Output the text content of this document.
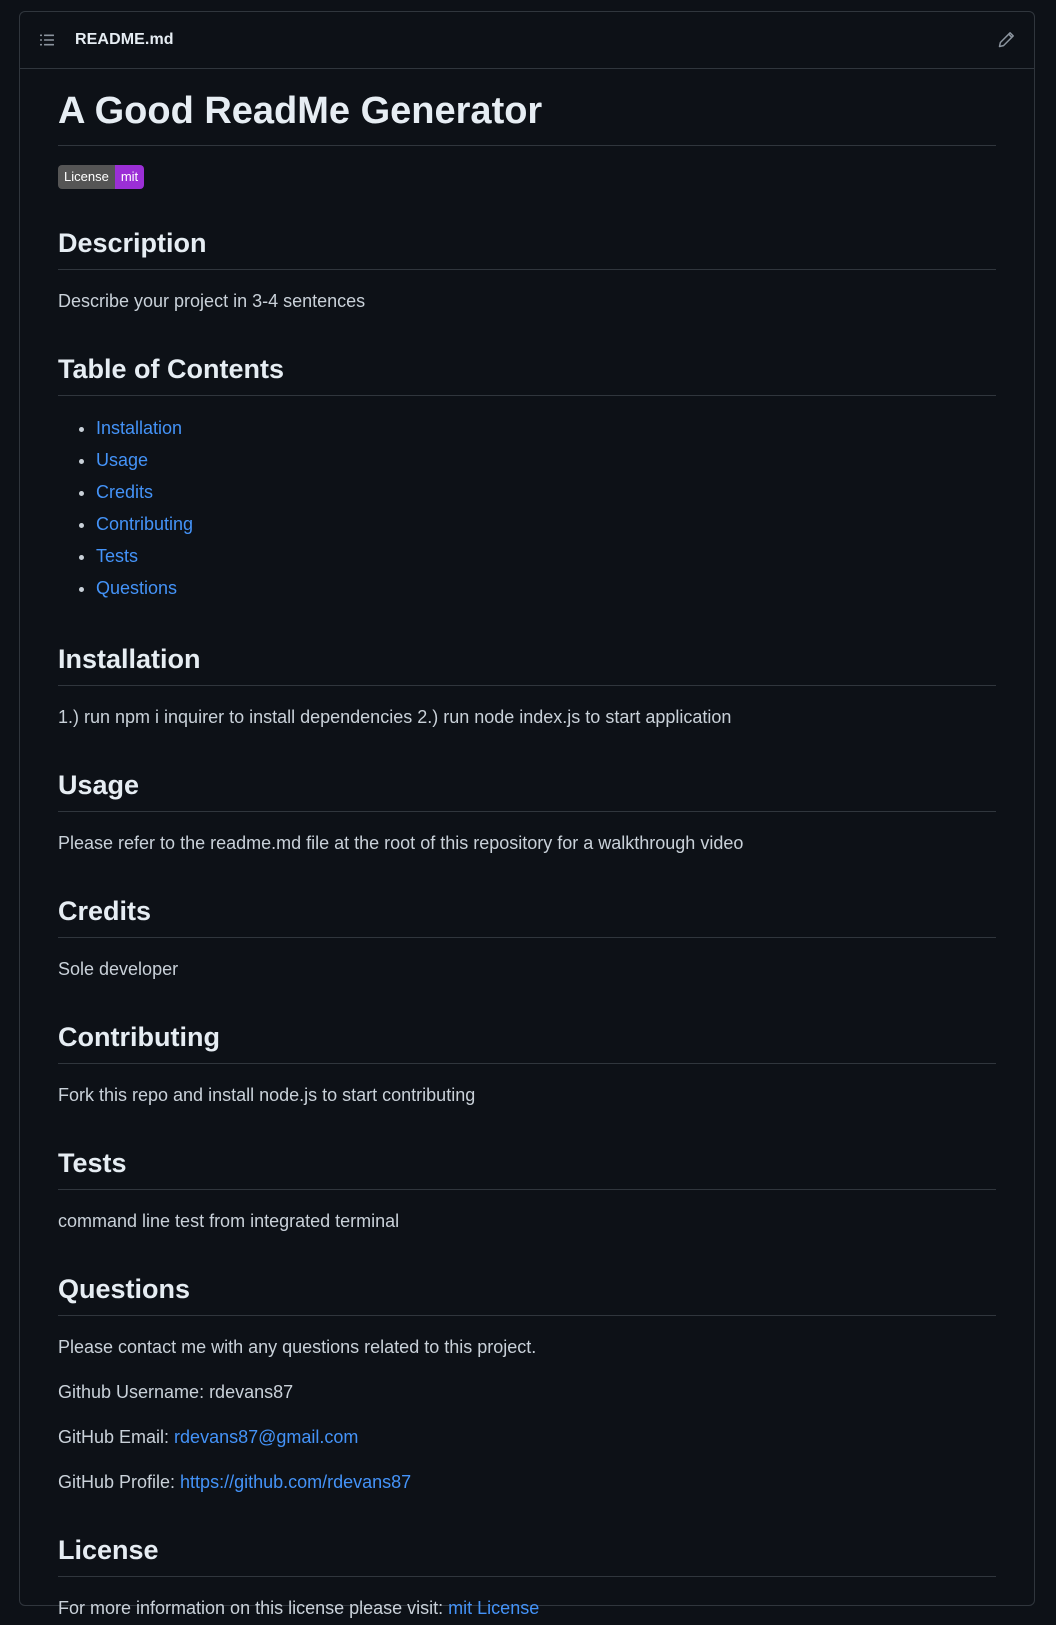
README.md
A Good ReadMe Generator
License mit
Description

Describe your project in 3-4 sentences

Table of Contents
• Installation
• Usage
• Credits
• Contributing
• Tests
• Questions
Installation

1.) run npm i inquirer to install dependencies 2.) run node index.js to start application

Usage

Please refer to the readme.md file at the root of this repository for a walkthrough video

Credits

Sole developer

Contributing

Fork this repo and install node.js to start contributing

Tests

command line test from integrated terminal

Questions

Please contact me with any questions related to this project.

Github Username: rdevans87

GitHub Email: rdevans87@gmail.com

GitHub Profile: https://github.com/rdevans87

License

For more information on this license please visit: mit License
